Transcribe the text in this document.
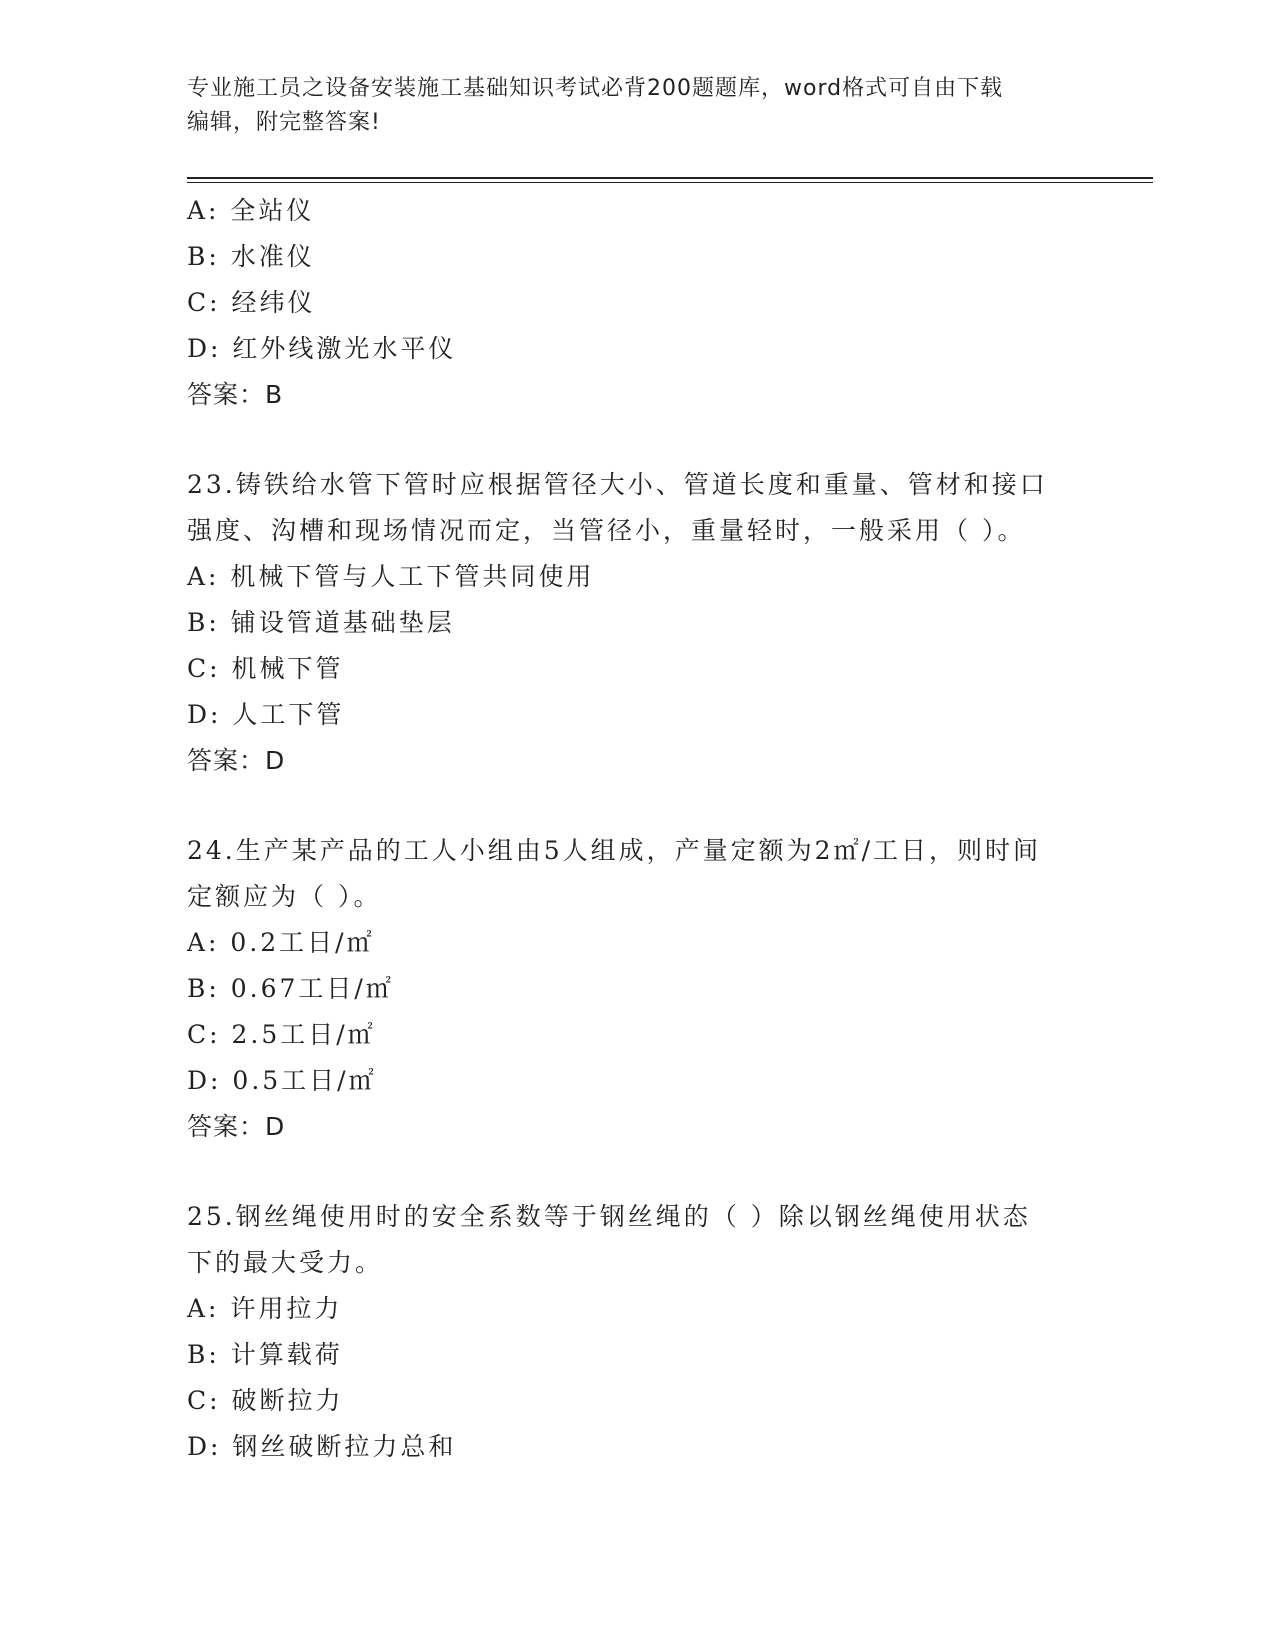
专业施工员之设备安装施工基础知识考试必背200题题库，word格式可自由下载
编辑，附完整答案!
A: 全站仪
B: 水准仪
C: 经纬仪
D: 红外线激光水平仪
答案：B
23.铸铁给水管下管时应根据管径大小、管道长度和重量、管材和接口
强度、沟槽和现场情况而定，当管径小，重量轻时，一般采用（ ）。
A: 机械下管与人工下管共同使用
B: 铺设管道基础垫层
C: 机械下管
D: 人工下管
答案：D
24.生产某产品的工人小组由5人组成，产量定额为2㎡/工日，则时间
定额应为（ ）。
A: 0.2工日/㎡
B: 0.67工日/㎡
C: 2.5工日/㎡
D: 0.5工日/㎡
答案：D
25.钢丝绳使用时的安全系数等于钢丝绳的（ ）除以钢丝绳使用状态
下的最大受力。
A: 许用拉力
B: 计算载荷
C: 破断拉力
D: 钢丝破断拉力总和
